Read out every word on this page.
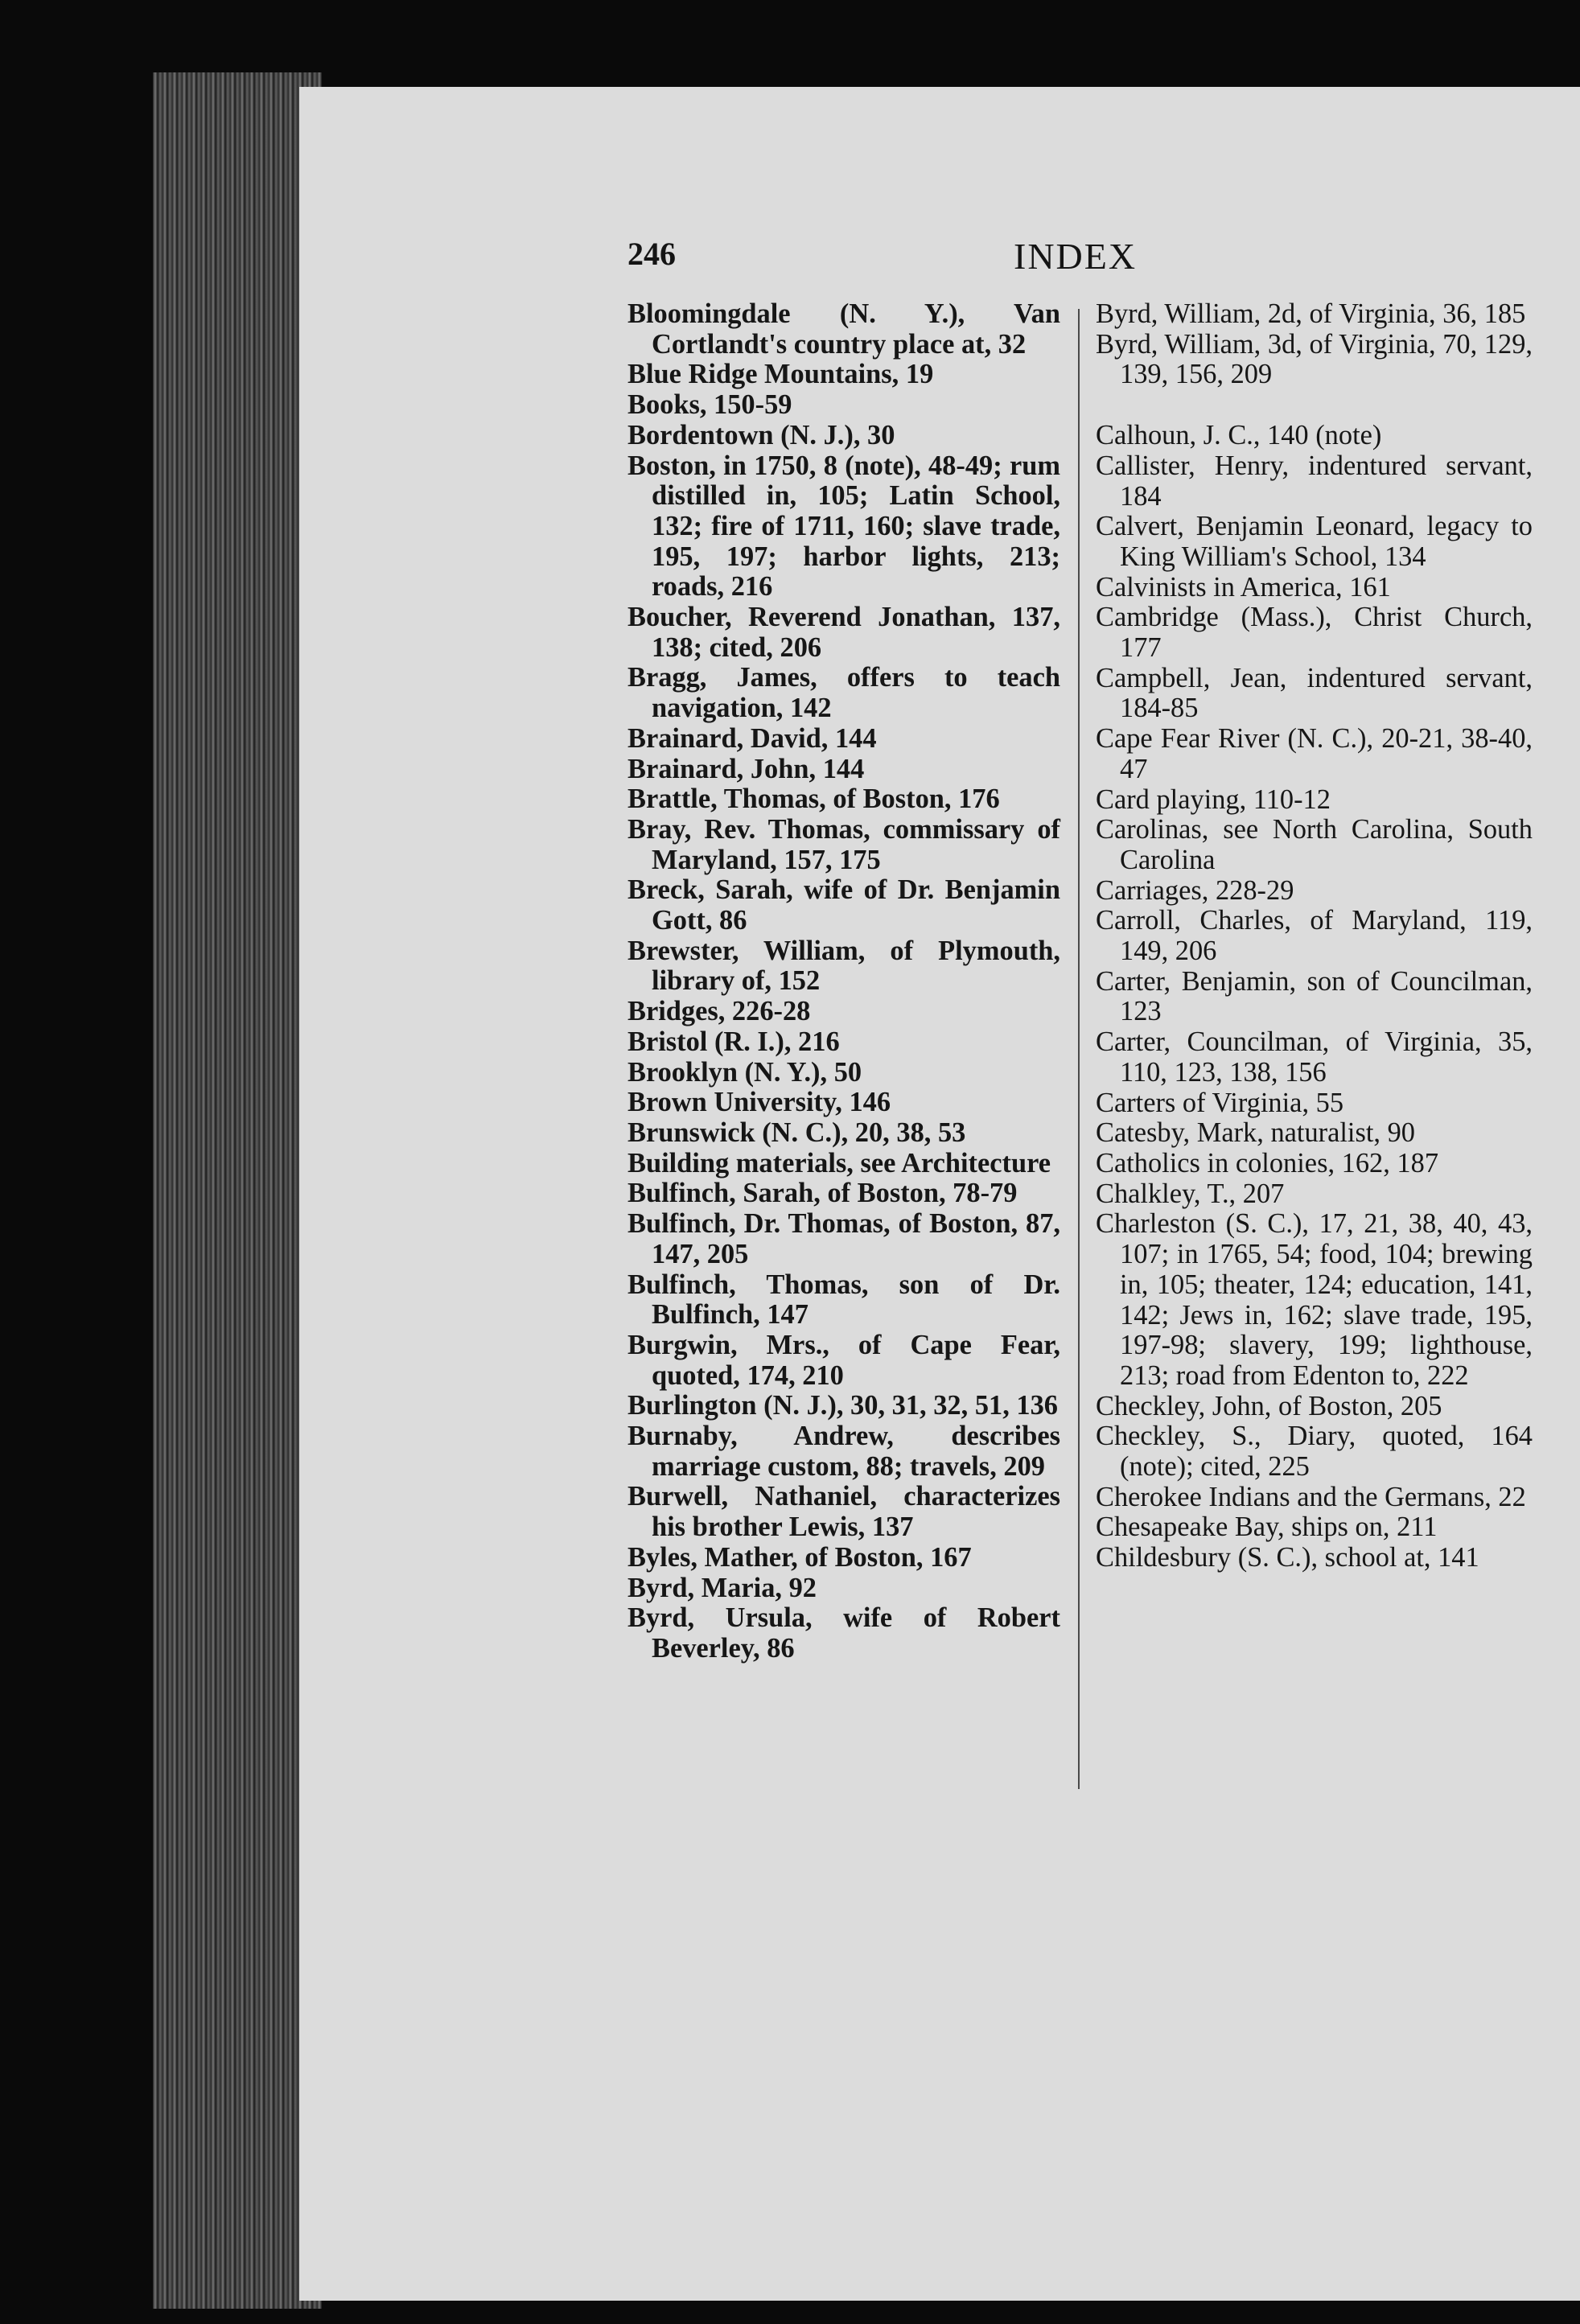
246	INDEX
Bloomingdale (N. Y.), Van Cortlandt's country place at, 32
Blue Ridge Mountains, 19
Books, 150-59
Bordentown (N. J.), 30
Boston, in 1750, 8 (note), 48-49; rum distilled in, 105; Latin School, 132; fire of 1711, 160; slave trade, 195, 197; harbor lights, 213; roads, 216
Boucher, Reverend Jonathan, 137, 138; cited, 206
Bragg, James, offers to teach navigation, 142
Brainard, David, 144
Brainard, John, 144
Brattle, Thomas, of Boston, 176
Bray, Rev. Thomas, commissary of Maryland, 157, 175
Breck, Sarah, wife of Dr. Benjamin Gott, 86
Brewster, William, of Plymouth, library of, 152
Bridges, 226-28
Bristol (R. I.), 216
Brooklyn (N. Y.), 50
Brown University, 146
Brunswick (N. C.), 20, 38, 53
Building materials, see Architecture
Bulfinch, Sarah, of Boston, 78-79
Bulfinch, Dr. Thomas, of Boston, 87, 147, 205
Bulfinch, Thomas, son of Dr. Bulfinch, 147
Burgwin, Mrs., of Cape Fear, quoted, 174, 210
Burlington (N. J.), 30, 31, 32, 51, 136
Burnaby, Andrew, describes marriage custom, 88; travels, 209
Burwell, Nathaniel, characterizes his brother Lewis, 137
Byles, Mather, of Boston, 167
Byrd, Maria, 92
Byrd, Ursula, wife of Robert Beverley, 86
Byrd, William, 2d, of Virginia, 36, 185
Byrd, William, 3d, of Virginia, 70, 129, 139, 156, 209
Calhoun, J. C., 140 (note)
Callister, Henry, indentured servant, 184
Calvert, Benjamin Leonard, legacy to King William's School, 134
Calvinists in America, 161
Cambridge (Mass.), Christ Church, 177
Campbell, Jean, indentured servant, 184-85
Cape Fear River (N. C.), 20-21, 38-40, 47
Card playing, 110-12
Carolinas, see North Carolina, South Carolina
Carriages, 228-29
Carroll, Charles, of Maryland, 119, 149, 206
Carter, Benjamin, son of Councilman, 123
Carter, Councilman, of Virginia, 35, 110, 123, 138, 156
Carters of Virginia, 55
Catesby, Mark, naturalist, 90
Catholics in colonies, 162, 187
Chalkley, T., 207
Charleston (S. C.), 17, 21, 38, 40, 43, 107; in 1765, 54; food, 104; brewing in, 105; theater, 124; education, 141, 142; Jews in, 162; slave trade, 195, 197-98; slavery, 199; lighthouse, 213; road from Edenton to, 222
Checkley, John, of Boston, 205
Checkley, S., Diary, quoted, 164 (note); cited, 225
Cherokee Indians and the Germans, 22
Chesapeake Bay, ships on, 211
Childesbury (S. C.), school at, 141
